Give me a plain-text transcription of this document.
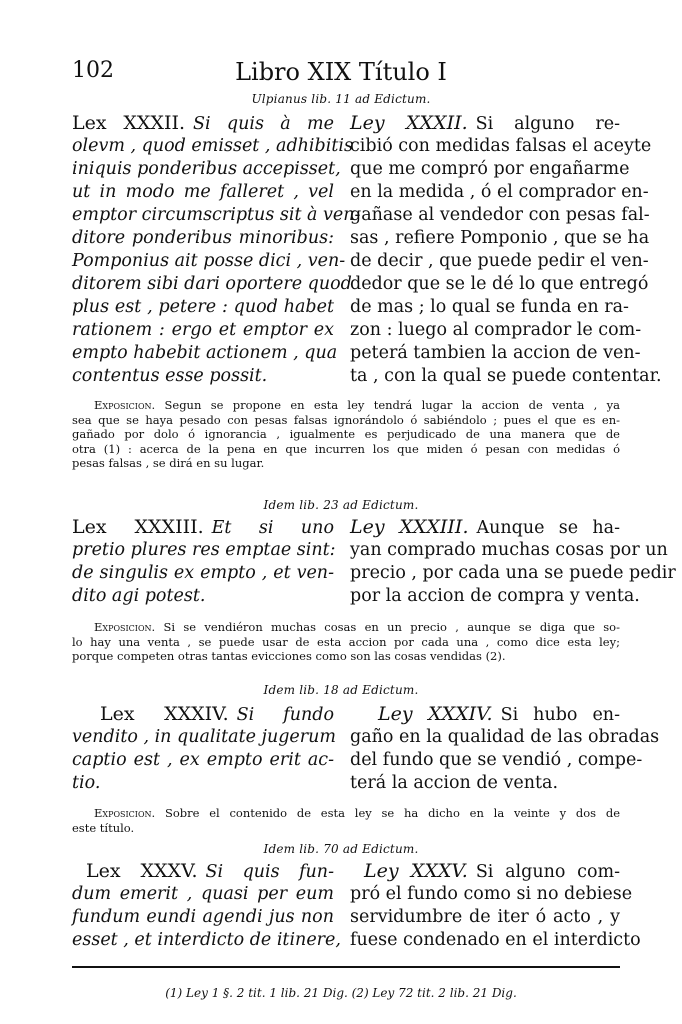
102	Libro XIX Título I
Ulpianus lib. 11 ad Edictum.
Lex XXXII. Si quis à me
olevm , quod emisset , adhibitis
iniquis ponderibus accepisset,
ut in modo me falleret , vel
emptor circumscriptus sit à ven-
ditore ponderibus minoribus:
Pomponius ait posse dici , ven-
ditorem sibi dari oportere quod
plus est , petere : quod habet
rationem : ergo et emptor ex
empto habebit actionem , qua
contentus esse possit.
Ley XXXII. Si alguno re-
cibió con medidas falsas el aceyte
que me compró por engañarme
en la medida , ó el comprador en-
gañase al vendedor con pesas fal-
sas , refiere Pomponio , que se ha
de decir , que puede pedir el ven-
dedor que se le dé lo que entregó
de mas ; lo qual se funda en ra-
zon : luego al comprador le com-
peterá tambien la accion de ven-
ta , con la qual se puede contentar.
Exposicion. Segun se propone en esta ley tendrá lugar la accion de venta , ya
sea que se haya pesado con pesas falsas ignorándolo ó sabiéndolo ; pues el que es en-
gañado por dolo ó ignorancia , igualmente es perjudicado de una manera que de
otra (1) : acerca de la pena en que incurren los que miden ó pesan con medidas ó
pesas falsas , se dirá en su lugar.
Idem lib. 23 ad Edictum.
Lex XXXIII. Et si uno
pretio plures res emptae sint:
de singulis ex empto , et ven-
dito agi potest.
Ley XXXIII. Aunque se ha-
yan comprado muchas cosas por un
precio , por cada una se puede pedir
por la accion de compra y venta.
Exposicion. Si se vendiéron muchas cosas en un precio , aunque se diga que so-
lo hay una venta , se puede usar de esta accion por cada una , como dice esta ley;
porque competen otras tantas evicciones como son las cosas vendidas (2).
Idem lib. 18 ad Edictum.
Lex XXXIV. Si fundo
vendito , in qualitate jugerum
captio est , ex empto erit ac-
tio.
Ley XXXIV. Si hubo en-
gaño en la qualidad de las obradas
del fundo que se vendió , compe-
terá la accion de venta.
Exposicion. Sobre el contenido de esta ley se ha dicho en la veinte y dos de
este título.
Idem lib. 70 ad Edictum.
Lex XXXV. Si quis fun-
dum emerit , quasi per eum
fundum eundi agendi jus non
esset , et interdicto de itinere,
Ley XXXV. Si alguno com-
pró el fundo como si no debiese
servidumbre de iter ó acto , y
fuese condenado en el interdicto
(1) Ley 1 §. 2 tit. 1 lib. 21 Dig. (2) Ley 72 tit. 2 lib. 21 Dig.
